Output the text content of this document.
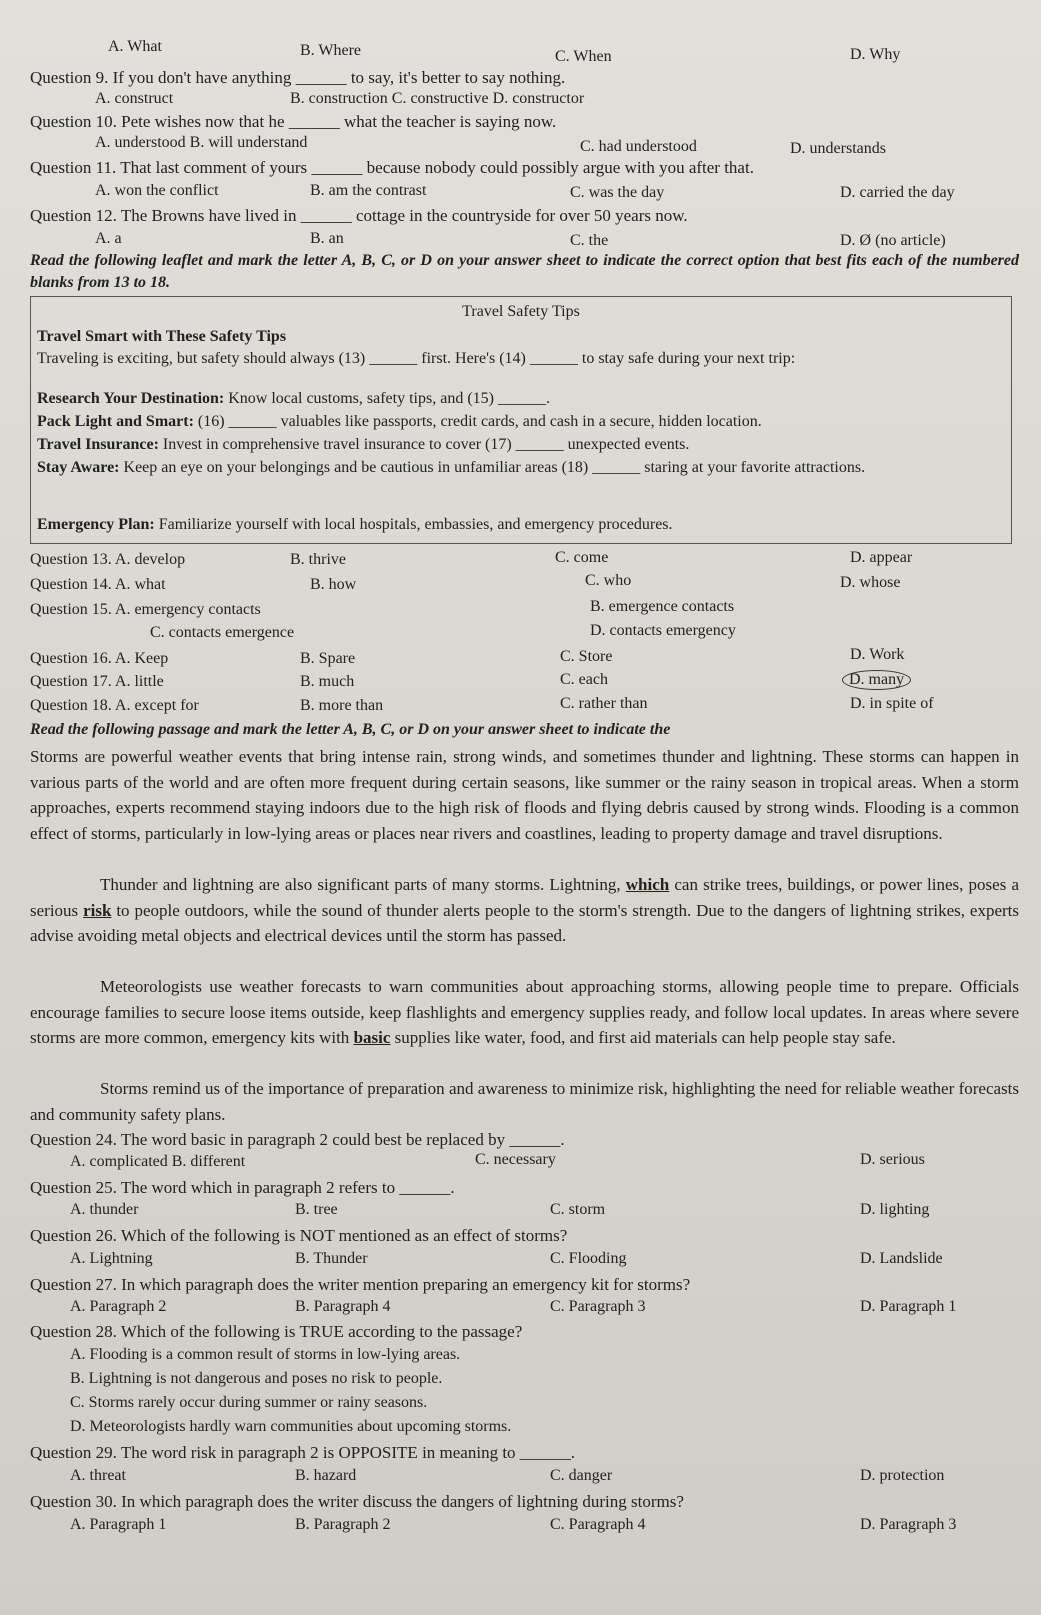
A. What	B. Where	C. When	D. Why
Question 9. If you don't have anything ______ to say, it's better to say nothing.
A. construct	B. construction C. constructive D. constructor
Question 10. Pete wishes now that he ______ what the teacher is saying now.
A. understood B. will understand	C. had understood	D. understands
Question 11. That last comment of yours ______ because nobody could possibly argue with you after that.
A. won the conflict	B. am the contrast	C. was the day	D. carried the day
Question 12. The Browns have lived in ______ cottage in the countryside for over 50 years now.
A. a	B. an	C. the	D. Ø (no article)
Read the following leaflet and mark the letter A, B, C, or D on your answer sheet to indicate the correct option that best fits each of the numbered blanks from 13 to 18.
Travel Safety Tips
Travel Smart with These Safety Tips
Traveling is exciting, but safety should always (13) ______ first. Here's (14) ______ to stay safe during your next trip:
Research Your Destination: Know local customs, safety tips, and (15) ______.
Pack Light and Smart: (16) ______ valuables like passports, credit cards, and cash in a secure, hidden location.
Travel Insurance: Invest in comprehensive travel insurance to cover (17) ______ unexpected events.
Stay Aware: Keep an eye on your belongings and be cautious in unfamiliar areas (18) ______ staring at your favorite attractions.
Emergency Plan: Familiarize yourself with local hospitals, embassies, and emergency procedures.
Question 13. A. develop	B. thrive	C. come	D. appear
Question 14. A. what	B. how	C. who	D. whose
Question 15. A. emergency contacts	B. emergence contacts
C. contacts emergence	D. contacts emergency
Question 16. A. Keep	B. Spare	C. Store	D. Work
Question 17. A. little	B. much	C. each	D. many
Question 18. A. except for	B. more than	C. rather than	D. in spite of
Read the following passage and mark the letter A, B, C, or D on your answer sheet to indicate the
Storms are powerful weather events that bring intense rain, strong winds, and sometimes thunder and lightning. These storms can happen in various parts of the world and are often more frequent during certain seasons, like summer or the rainy season in tropical areas. When a storm approaches, experts recommend staying indoors due to the high risk of floods and flying debris caused by strong winds. Flooding is a common effect of storms, particularly in low-lying areas or places near rivers and coastlines, leading to property damage and travel disruptions.
Thunder and lightning are also significant parts of many storms. Lightning, which can strike trees, buildings, or power lines, poses a serious risk to people outdoors, while the sound of thunder alerts people to the storm's strength. Due to the dangers of lightning strikes, experts advise avoiding metal objects and electrical devices until the storm has passed.
Meteorologists use weather forecasts to warn communities about approaching storms, allowing people time to prepare. Officials encourage families to secure loose items outside, keep flashlights and emergency supplies ready, and follow local updates. In areas where severe storms are more common, emergency kits with basic supplies like water, food, and first aid materials can help people stay safe.
Storms remind us of the importance of preparation and awareness to minimize risk, highlighting the need for reliable weather forecasts and community safety plans.
Question 24. The word basic in paragraph 2 could best be replaced by ______.
A. complicated B. different	C. necessary	D. serious
Question 25. The word which in paragraph 2 refers to ______.
A. thunder	B. tree	C. storm	D. lighting
Question 26. Which of the following is NOT mentioned as an effect of storms?
A. Lightning	B. Thunder	C. Flooding	D. Landslide
Question 27. In which paragraph does the writer mention preparing an emergency kit for storms?
A. Paragraph 2	B. Paragraph 4	C. Paragraph 3	D. Paragraph 1
Question 28. Which of the following is TRUE according to the passage?
A. Flooding is a common result of storms in low-lying areas.
B. Lightning is not dangerous and poses no risk to people.
C. Storms rarely occur during summer or rainy seasons.
D. Meteorologists hardly warn communities about upcoming storms.
Question 29. The word risk in paragraph 2 is OPPOSITE in meaning to ______.
A. threat	B. hazard	C. danger	D. protection
Question 30. In which paragraph does the writer discuss the dangers of lightning during storms?
A. Paragraph 1	B. Paragraph 2	C. Paragraph 4	D. Paragraph 3
